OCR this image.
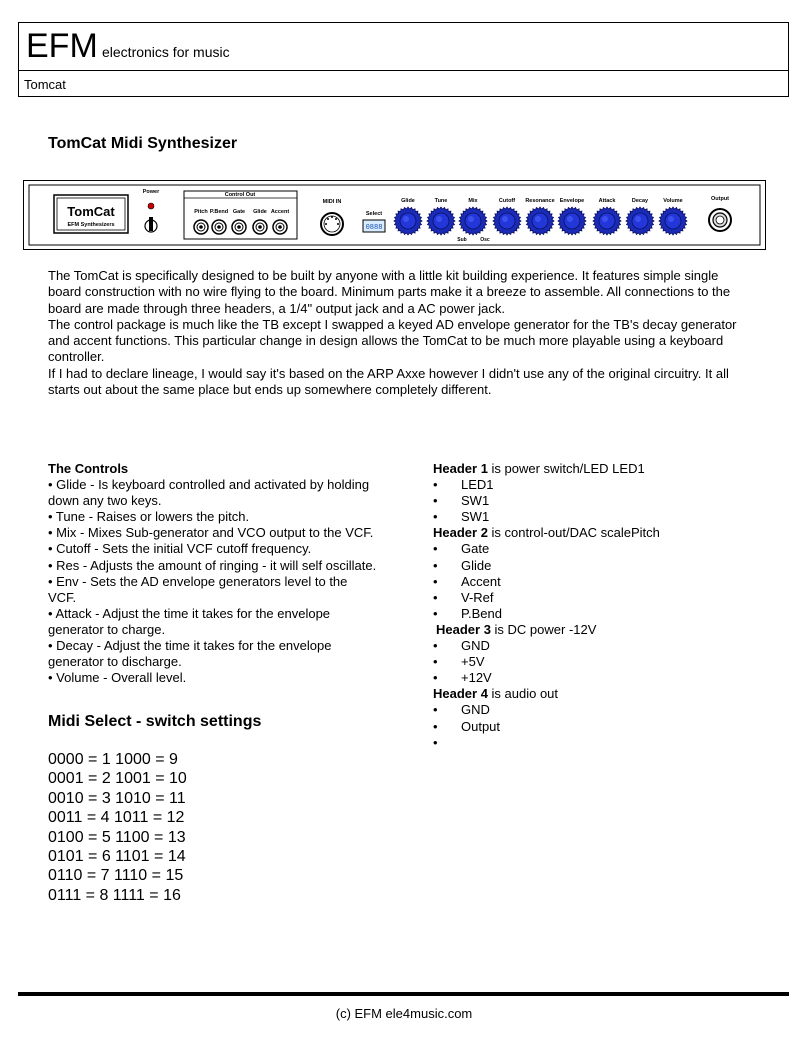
EFM electronics for music
Tomcat
TomCat Midi Synthesizer
TomCat
EFM Synthesizers
Power	Control Out
Pitch P.Bend Gate Glide Accent
MIDI IN
Select
0888
Glide	Tune	Mix	Cutoff Resonance Envelope	Attack	Decay	Volume
Sub	Osc
Output
The TomCat is specifically designed to be built by anyone with a little kit building experience. It features simple single
board construction with no wire flying to the board. Minimum parts make it a breeze to assemble. All connections to the
board are made through three headers, a 1/4" output jack and a AC power jack.
The control package is much like the TB except I swapped a keyed AD envelope generator for the TB's decay generator
and accent functions. This particular change in design allows the TomCat to be much more playable using a keyboard
controller.
If I had to declare lineage, I would say it's based on the ARP Axxe however I didn't use any of the original circuitry. It all
starts out about the same place but ends up somewhere completely different.
The Controls
• Glide - Is keyboard controlled and activated by holding
down any two keys.
• Tune - Raises or lowers the pitch.
• Mix - Mixes Sub-generator and VCO output to the VCF.
• Cutoff - Sets the initial VCF cutoff frequency.
• Res - Adjusts the amount of ringing - it will self oscillate.
• Env - Sets the AD envelope generators level to the
VCF.
• Attack - Adjust the time it takes for the envelope
generator to charge.
• Decay - Adjust the time it takes for the envelope
generator to discharge.
• Volume - Overall level.
Header 1 is power switch/LED LED1
• LED1
• SW1
• SW1
Header 2 is control-out/DAC scalePitch
• Gate
• Glide
• Accent
• V-Ref
• P.Bend
Header 3 is DC power -12V
• GND
• +5V
• +12V
Header 4 is audio out
• GND
• Output
•
Midi Select - switch settings
0000 = 1 1000 = 9
0001 = 2 1001 = 10
0010 = 3 1010 = 11
0011 = 4 1011 = 12
0100 = 5 1100 = 13
0101 = 6 1101 = 14
0110 = 7 1110 = 15
0111 = 8 1111 = 16
(c) EFM ele4music.com
